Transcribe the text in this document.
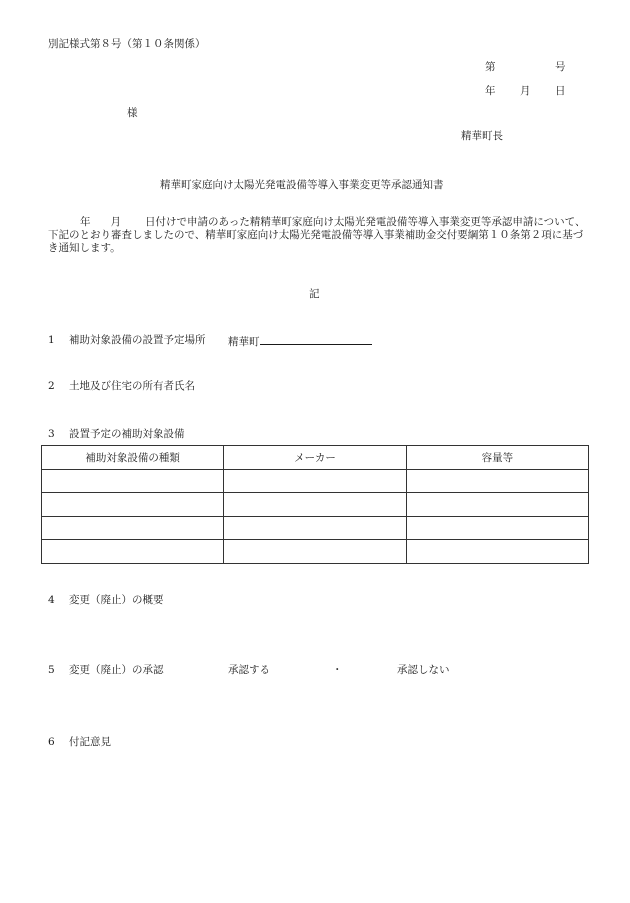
別記様式第８号（第１０条関係）
第	号
年 月 日
様
精華町長
精華町家庭向け太陽光発電設備等導入事業変更等承認通知書
年 月 日付けで申請のあった精精華町家庭向け太陽光発電設備等導入事業変更等承認申請について、下記のとおり審査しましたので、精華町家庭向け太陽光発電設備等導入事業補助金交付要綱第１０条第２項に基づき通知します。
記
1 補助対象設備の設置予定場所 精華町
2 土地及び住宅の所有者氏名
3 設置予定の補助対象設備
補助対象設備の種類	メーカー	容量等

4 変更（廃止）の概要
5 変更（廃止）の承認	承認する	・	承認しない
6 付記意見
